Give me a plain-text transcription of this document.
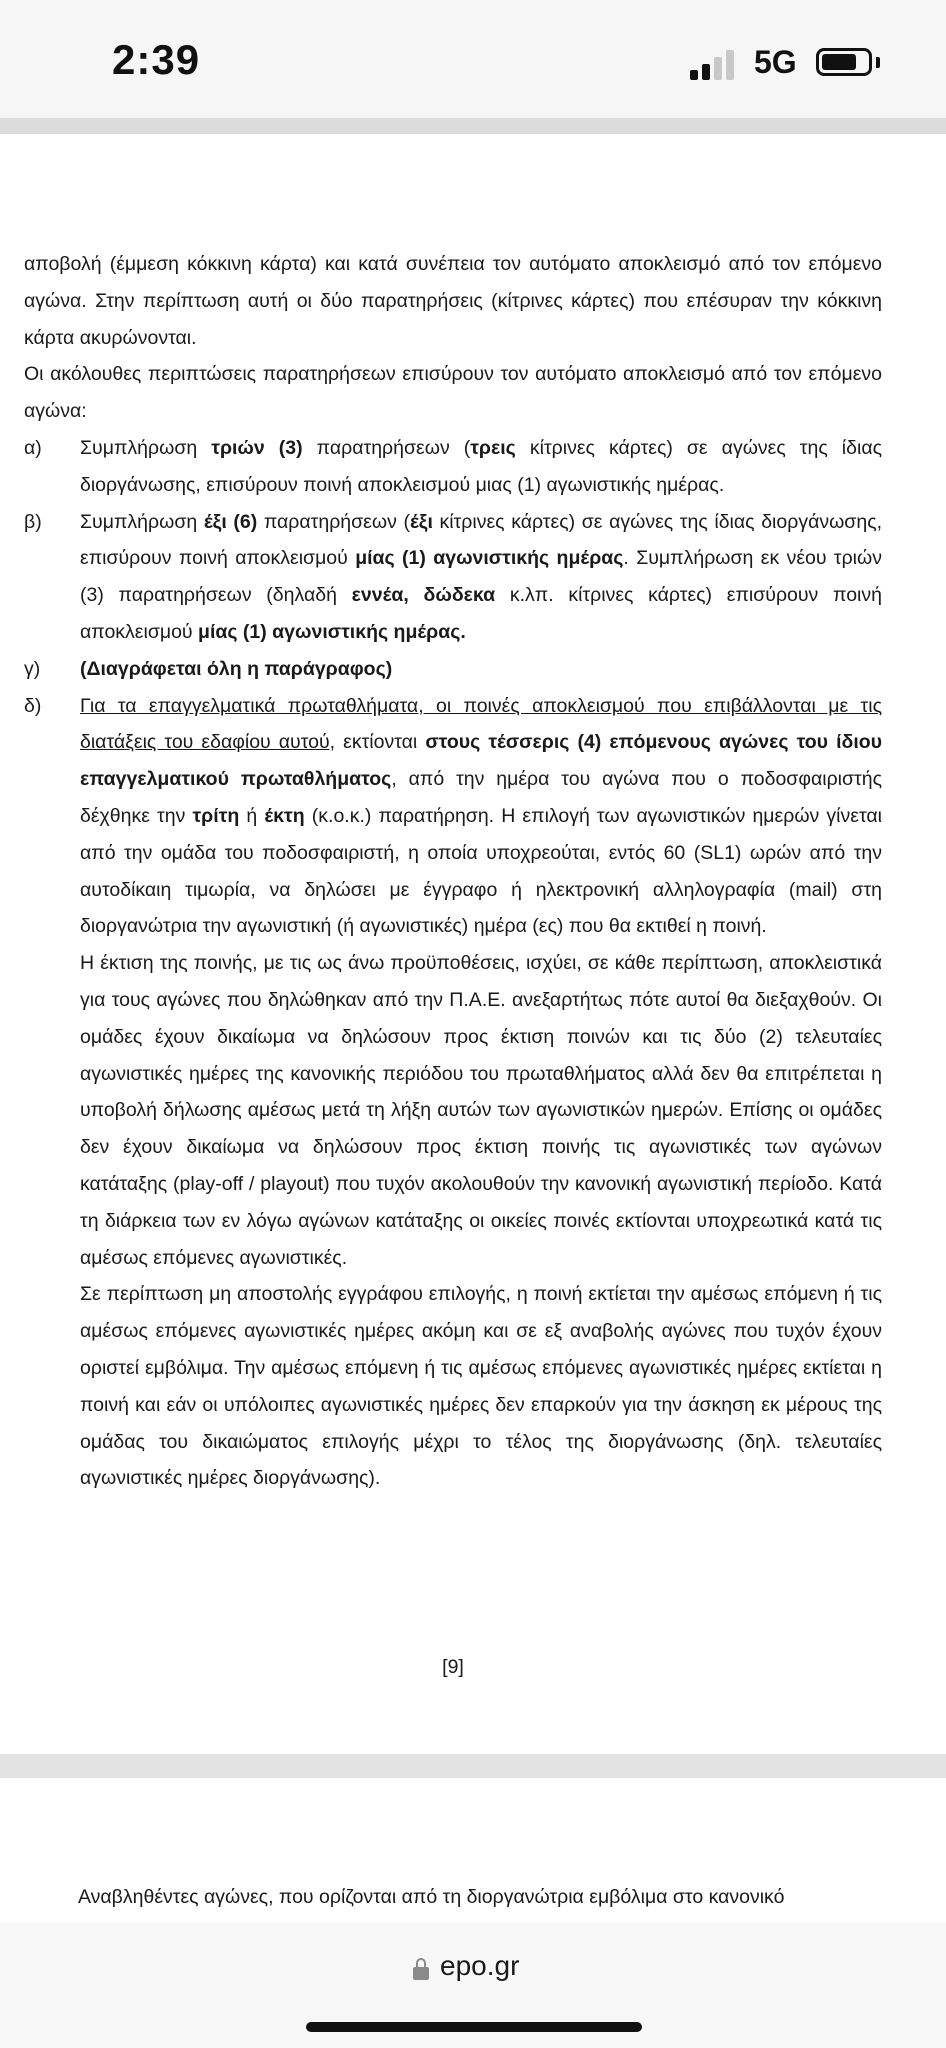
2:39	5G

αποβολή (έμμεση κόκκινη κάρτα) και κατά συνέπεια τον αυτόματο αποκλεισμό από τον επόμενο αγώνα. Στην περίπτωση αυτή οι δύο παρατηρήσεις (κίτρινες κάρτες) που επέσυραν την κόκκινη κάρτα ακυρώνονται.

Οι ακόλουθες περιπτώσεις παρατηρήσεων επισύρουν τον αυτόματο αποκλεισμό από τον επόμενο αγώνα:

α)	Συμπλήρωση τριών (3) παρατηρήσεων (τρεις κίτρινες κάρτες) σε αγώνες της ίδιας διοργάνωσης, επισύρουν ποινή αποκλεισμού μιας (1) αγωνιστικής ημέρας.
β)	Συμπλήρωση έξι (6) παρατηρήσεων (έξι κίτρινες κάρτες) σε αγώνες της ίδιας διοργάνωσης, επισύρουν ποινή αποκλεισμού μίας (1) αγωνιστικής ημέρας. Συμπλήρωση εκ νέου τριών (3) παρατηρήσεων (δηλαδή εννέα, δώδεκα κ.λπ. κίτρινες κάρτες) επισύρουν ποινή αποκλεισμού μίας (1) αγωνιστικής ημέρας.
γ)	(Διαγράφεται όλη η παράγραφος)
δ)	Για τα επαγγελματικά πρωταθλήματα, οι ποινές αποκλεισμού που επιβάλλονται με τις διατάξεις του εδαφίου αυτού, εκτίονται στους τέσσερις (4) επόμενους αγώνες του ίδιου επαγγελματικού πρωταθλήματος, από την ημέρα του αγώνα που ο ποδοσφαιριστής δέχθηκε την τρίτη ή έκτη (κ.ο.κ.) παρατήρηση. Η επιλογή των αγωνιστικών ημερών γίνεται από την ομάδα του ποδοσφαιριστή, η οποία υποχρεούται, εντός 60 (SL1) ωρών από την αυτοδίκαιη τιμωρία, να δηλώσει με έγγραφο ή ηλεκτρονική αλληλογραφία (mail) στη διοργανώτρια την αγωνιστική (ή αγωνιστικές) ημέρα (ες) που θα εκτιθεί η ποινή.

Η έκτιση της ποινής, με τις ως άνω προϋποθέσεις, ισχύει, σε κάθε περίπτωση, αποκλειστικά για τους αγώνες που δηλώθηκαν από την Π.Α.Ε. ανεξαρτήτως πότε αυτοί θα διεξαχθούν. Οι ομάδες έχουν δικαίωμα να δηλώσουν προς έκτιση ποινών και τις δύο (2) τελευταίες αγωνιστικές ημέρες της κανονικής περιόδου του πρωταθλήματος αλλά δεν θα επιτρέπεται η υποβολή δήλωσης αμέσως μετά τη λήξη αυτών των αγωνιστικών ημερών. Επίσης οι ομάδες δεν έχουν δικαίωμα να δηλώσουν προς έκτιση ποινής τις αγωνιστικές των αγώνων κατάταξης (play-off / playout) που τυχόν ακολουθούν την κανονική αγωνιστική περίοδο. Κατά τη διάρκεια των εν λόγω αγώνων κατάταξης οι οικείες ποινές εκτίονται υποχρεωτικά κατά τις αμέσως επόμενες αγωνιστικές.

Σε περίπτωση μη αποστολής εγγράφου επιλογής, η ποινή εκτίεται την αμέσως επόμενη ή τις αμέσως επόμενες αγωνιστικές ημέρες ακόμη και σε εξ αναβολής αγώνες που τυχόν έχουν οριστεί εμβόλιμα. Την αμέσως επόμενη ή τις αμέσως επόμενες αγωνιστικές ημέρες εκτίεται η ποινή και εάν οι υπόλοιπες αγωνιστικές ημέρες δεν επαρκούν για την άσκηση εκ μέρους της ομάδας του δικαιώματος επιλογής μέχρι το τέλος της διοργάνωσης (δηλ. τελευταίες αγωνιστικές ημέρες διοργάνωσης).

[9]
Αναβληθέντες αγώνες, που ορίζονται από τη διοργανώτρια εμβόλιμα στο κανονικό
epo.gr
